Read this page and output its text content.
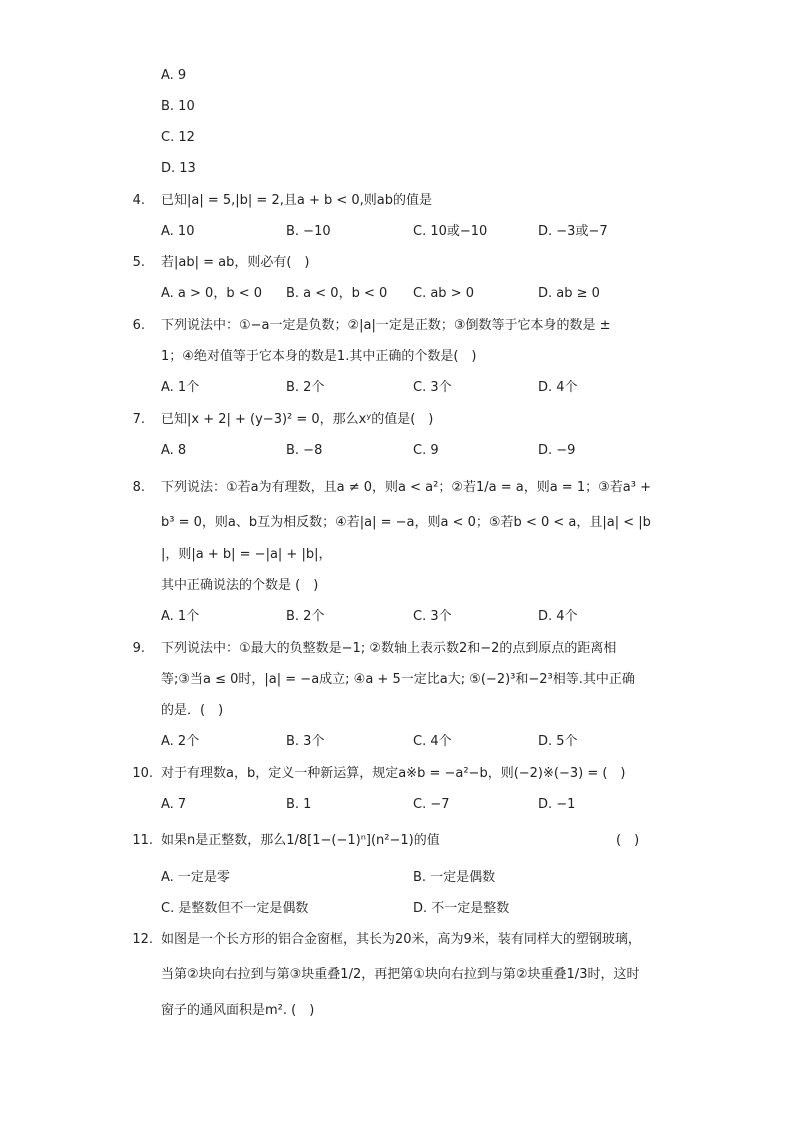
A. 9
B. 10
C. 12
D. 13
4. 已知|a| = 5,|b| = 2,且a + b < 0,则ab的值是
A. 10	B. −10	C. 10或−10	D. −3或−7
5. 若|ab| = ab，则必有(　)
A. a > 0，b < 0 B. a < 0，b < 0 C. ab > 0	D. ab ≥ 0
6. 下列说法中：①−a一定是负数；②|a|一定是正数；③倒数等于它本身的数是 ±
1；④绝对值等于它本身的数是1.其中正确的个数是(　)
A. 1个	B. 2个	C. 3个	D. 4个
7. 已知|x + 2| + (y−3)² = 0，那么xʸ的值是(　)
A. 8	B. −8	C. 9	D. −9
8. 下列说法：①若a为有理数，且a ≠ 0，则a < a²；②若1/a = a，则a = 1；③若a³ +
b³ = 0，则a、b互为相反数；④若|a| = −a，则a < 0；⑤若b < 0 < a，且|a| < |b
|，则|a + b| = −|a| + |b|，
其中正确说法的个数是 (　)
A. 1个	B. 2个	C. 3个	D. 4个
9. 下列说法中：①最大的负整数是−1; ②数轴上表示数2和−2的点到原点的距离相
等;③当a ≤ 0时，|a| = −a成立; ④a + 5一定比a大; ⑤(−2)³和−2³相等.其中正确
的是．(　)
A. 2个	B. 3个	C. 4个	D. 5个
10. 对于有理数a，b，定义一种新运算，规定a※b = −a²−b，则(−2)※(−3) = (　)
A. 7	B. 1	C. −7	D. −1
11. 如果n是正整数，那么1/8[1−(−1)ⁿ](n²−1)的值	(　)
A. 一定是零	B. 一定是偶数
C. 是整数但不一定是偶数	D. 不一定是整数
12. 如图是一个长方形的铝合金窗框，其长为20米，高为9米，装有同样大的塑钢玻璃，
当第②块向右拉到与第③块重叠1/2，再把第①块向右拉到与第②块重叠1/3时，这时
窗子的通风面积是m². (　)
